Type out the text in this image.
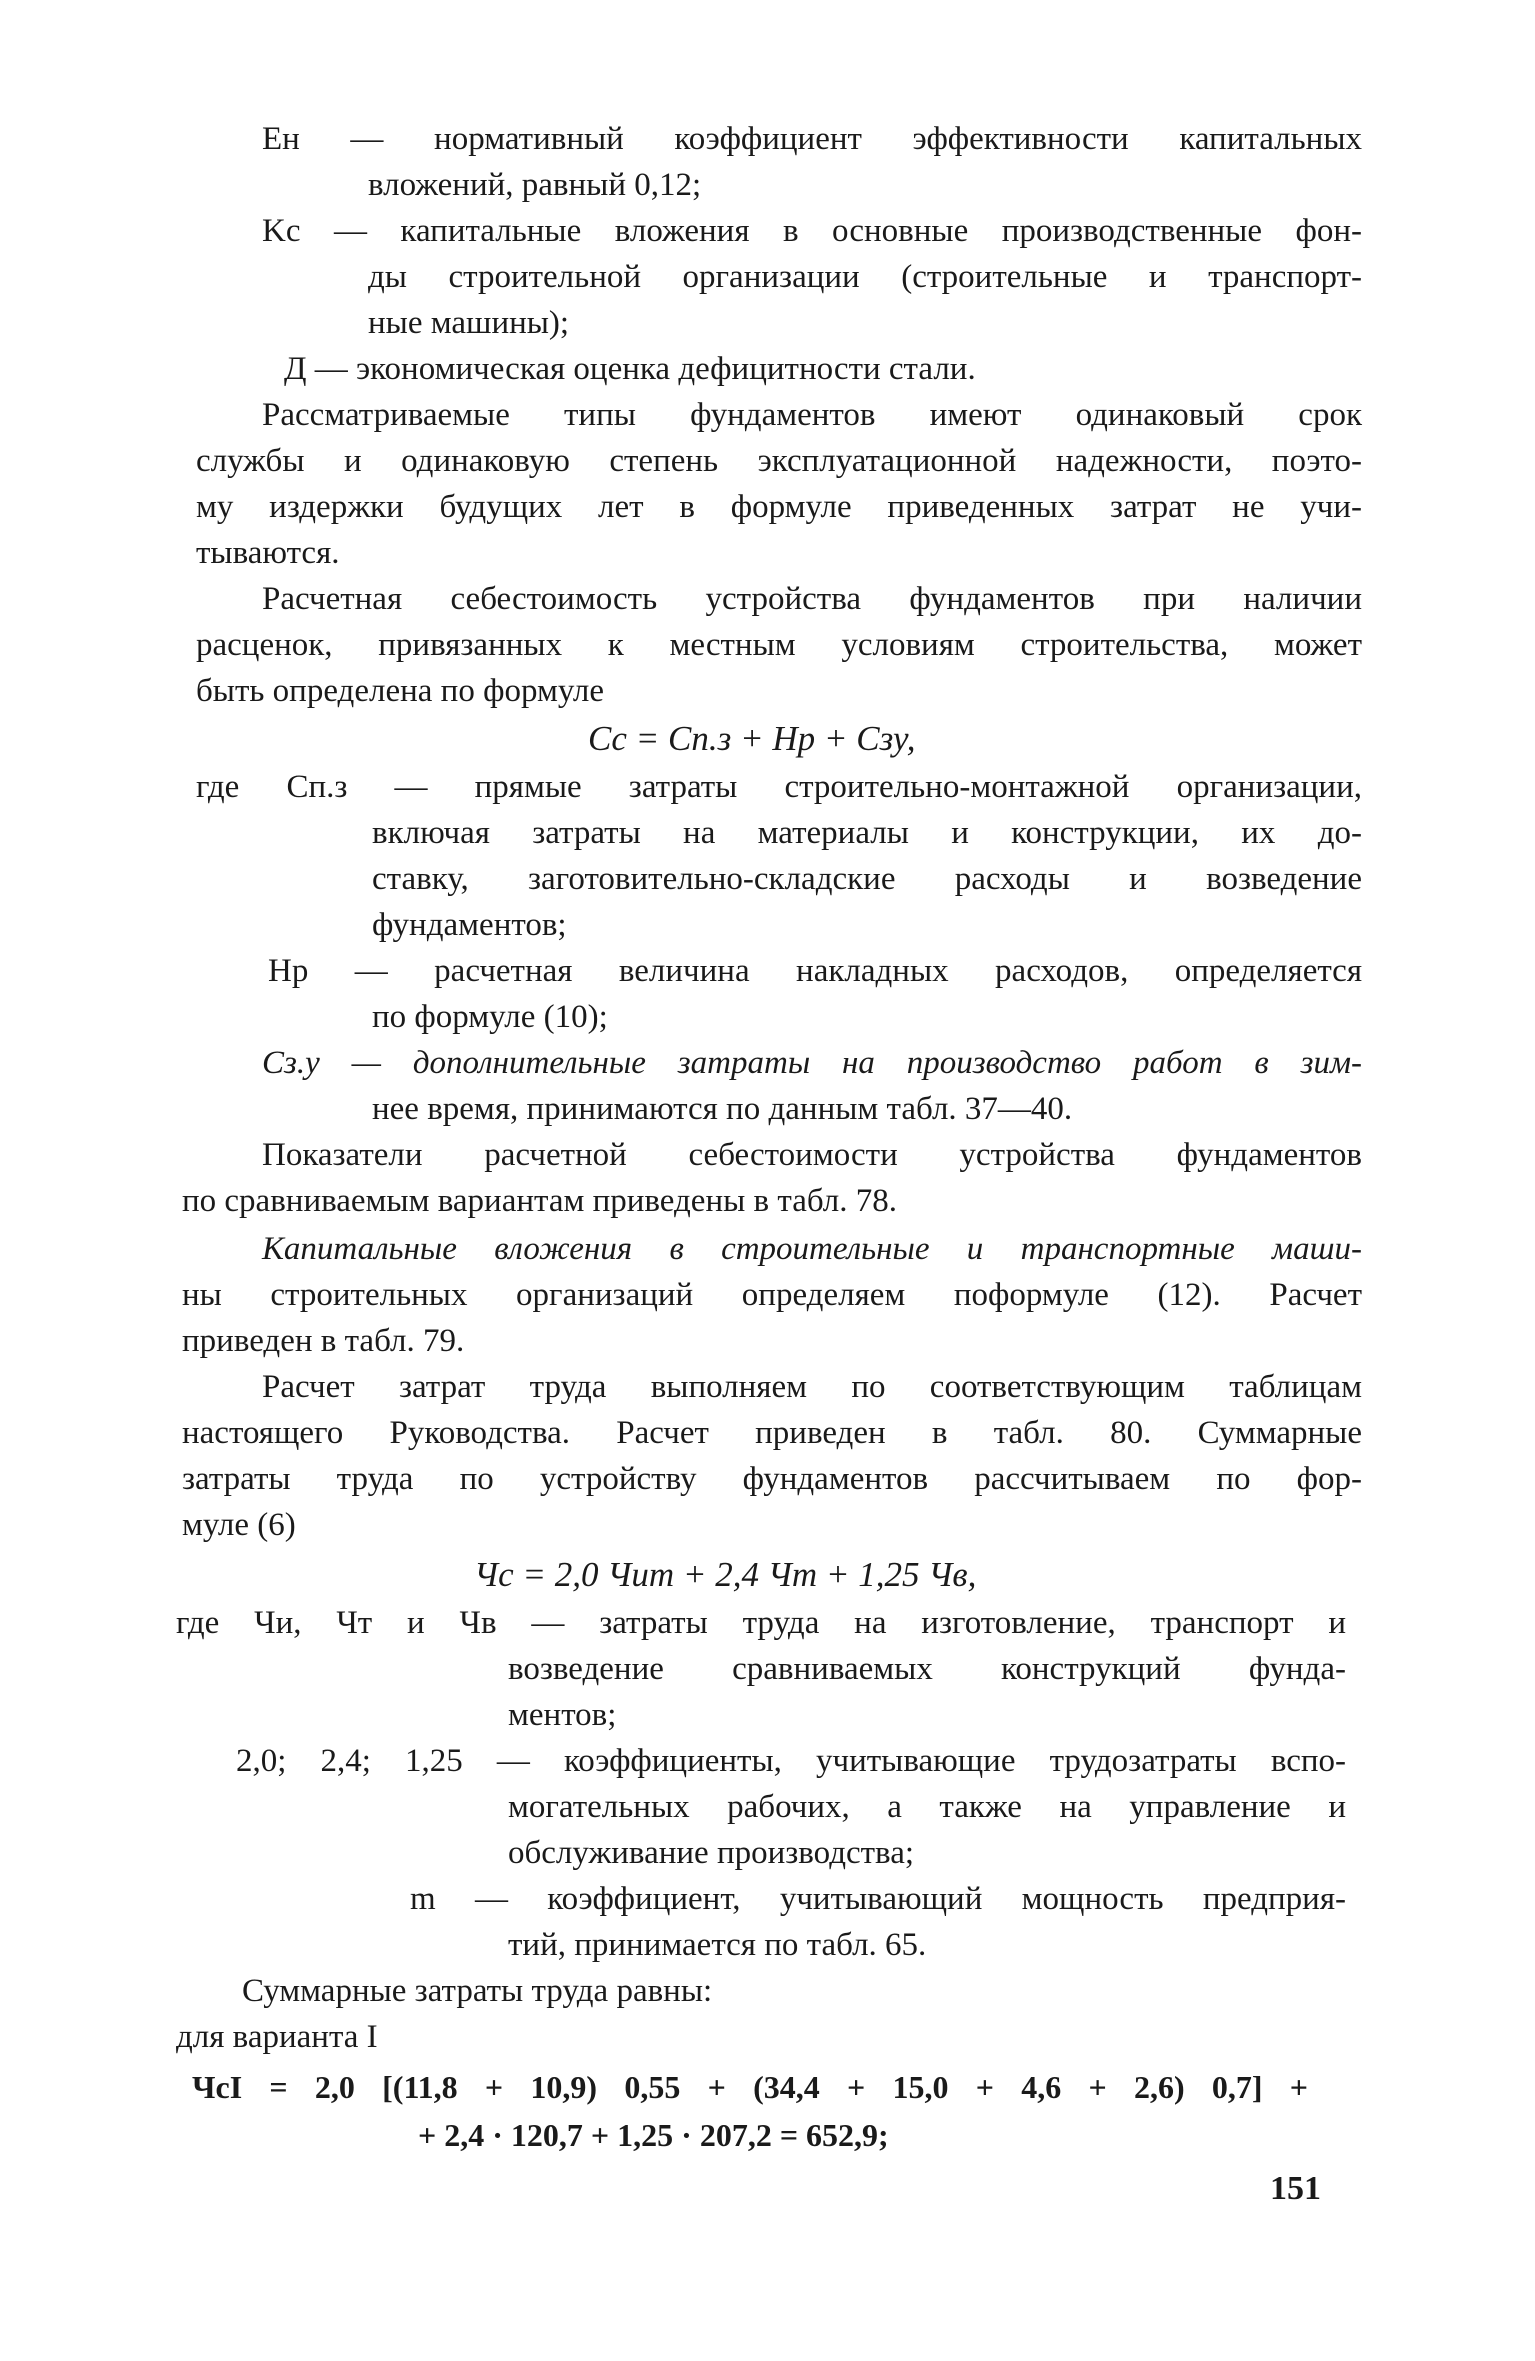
Eн — нормативный коэффициент эффективности капитальных
вложений, равный 0,12;
Kс — капитальные вложения в основные производственные фон-
ды строительной организации (строительные и транспорт-
ные машины);
Д — экономическая оценка дефицитности стали.
Рассматриваемые типы фундаментов имеют одинаковый срок
службы и одинаковую степень эксплуатационной надежности, поэто-
му издержки будущих лет в формуле приведенных затрат не учи-
тываются.
Расчетная себестоимость устройства фундаментов при наличии
расценок, привязанных к местным условиям строительства, может
быть определена по формуле
Cс = Cп.з + Hр + Cзу,
где Cп.з — прямые затраты строительно-монтажной организации,
включая затраты на материалы и конструкции, их до-
ставку, заготовительно-складские расходы и возведение
фундаментов;
Hр — расчетная величина накладных расходов, определяется
по формуле (10);
Cз.у — дополнительные затраты на производство работ в зим-
нее время, принимаются по данным табл. 37—40.
Показатели расчетной себестоимости устройства фундаментов
по сравниваемым вариантам приведены в табл. 78.
Капитальные вложения в строительные и транспортные маши-
ны строительных организаций определяем поформуле (12). Расчет
приведен в табл. 79.
Расчет затрат труда выполняем по соответствующим таблицам
настоящего Руководства. Расчет приведен в табл. 80. Суммарные
затраты труда по устройству фундаментов рассчитываем по фор-
муле (6)
Чс = 2,0 Чиm + 2,4 Чт + 1,25 Чв,
где Чи, Чт и Чв — затраты труда на изготовление, транспорт и
возведение сравниваемых конструкций фунда-
ментов;
2,0; 2,4; 1,25 — коэффициенты, учитывающие трудозатраты вспо-
могательных рабочих, а также на управление и
обслуживание производства;
m — коэффициент, учитывающий мощность предприя-
тий, принимается по табл. 65.
Суммарные затраты труда равны:
для варианта I
ЧсI = 2,0 [(11,8 + 10,9) 0,55 + (34,4 + 15,0 + 4,6 + 2,6) 0,7] +
+ 2,4 · 120,7 + 1,25 · 207,2 = 652,9;
151
